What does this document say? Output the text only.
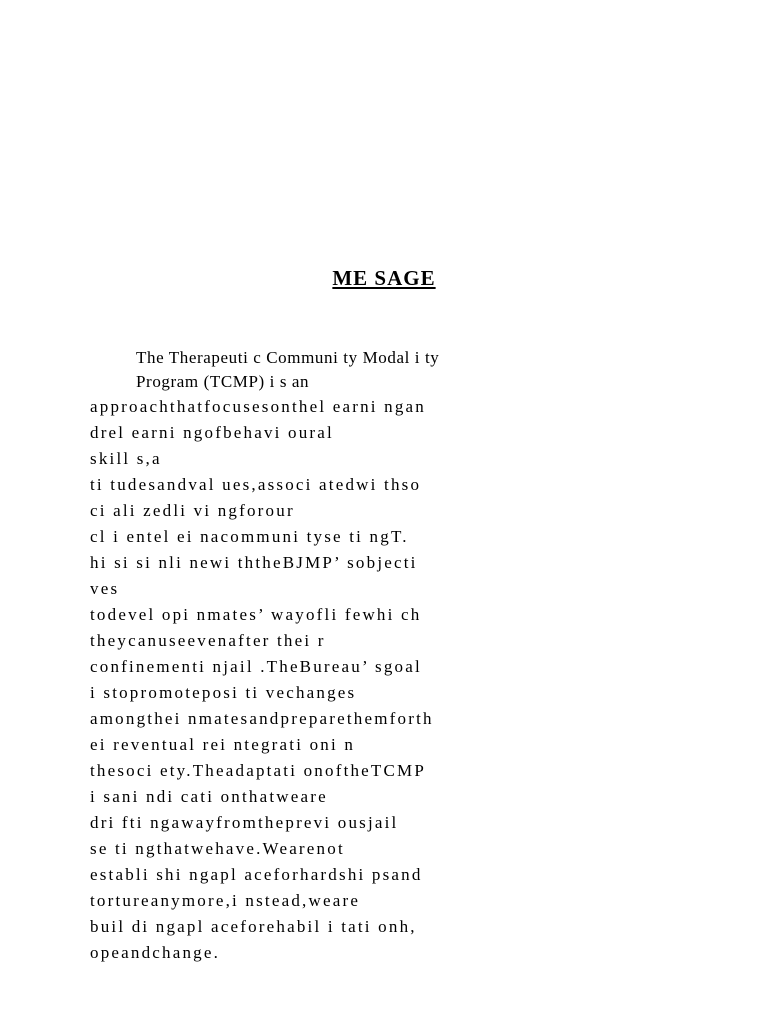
ME SAGE
The Therapeuti c Communi ty Modal i ty
Program (TCMP) i s an
approachthatfocusesonthel earni ngan
drel earni ngofbehavi oural
skill s,a
ti tudesandval ues,associ atedwi thso
ci ali zedli vi ngforour
cl i entel ei nacommuni tyse ti ngT.
hi si si nli newi ththeBJMP’ sobjecti
ves
todevel opi nmates’ wayofli fewhi ch
theycanuseevenafter thei r
confinementi njail .TheBureau’ sgoal
i stopromoteposi ti vechanges
amongthei nmatesandpreparethemforth
ei reventual rei ntegrati oni n
thesoci ety.Theadaptati onoftheTCMP
i sani ndi cati onthatweare
dri fti ngawayfromtheprevi ousjail
se ti ngthatwehave.Wearenot
establi shi ngapl aceforhardshi psand
tortureanymore,i nstead,weare
buil di ngapl aceforehabil i tati onh,
opeandchange.
